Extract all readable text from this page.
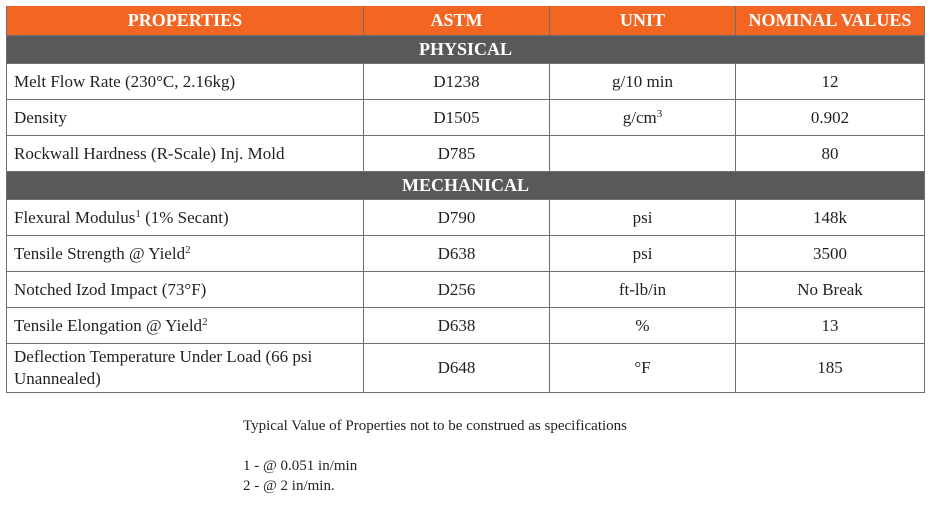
PROPERTIES	ASTM	UNIT	NOMINAL VALUES
PHYSICAL			
Melt Flow Rate (230°C, 2.16kg)	D1238	g/10 min	12
Density	D1505	$g/cm^3$	0.902
Rockwall Hardness (R-Scale) Inj. Mold	D785		80
MECHANICAL			
Flexural Modulus$^1$ (1% Secant)	D790	psi	148k
Tensile Strength @ Yield$^2$	D638	psi	3500
Notched Izod Impact (73°F)	D256	ft-lb/in	No Break
Tensile Elongation @ Yield$^2$	D638	%	13
Deflection Temperature Under Load (66 psi Unannealed)	D648	°F	185
Typical Value of Properties not to be construed as specifications
1 - @ 0.051 in/min
2 - @ 2 in/min.
